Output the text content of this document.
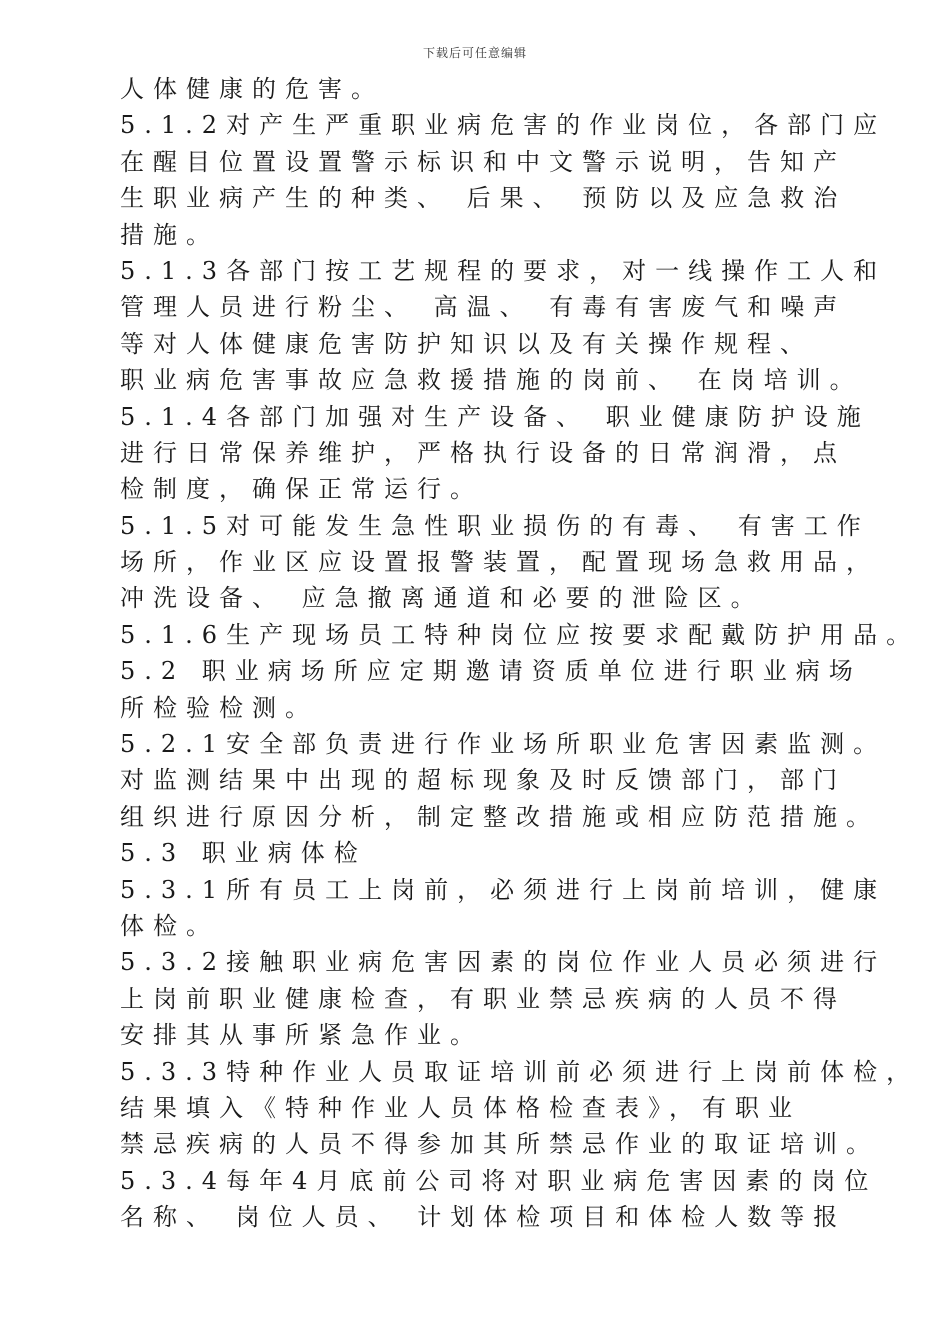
下载后可任意编辑
人体健康的危害。
5.1.2对产生严重职业病危害的作业岗位，各部门应
在醒目位置设置警示标识和中文警示说明，告知产
生职业病产生的种类、 后果、 预防以及应急救治
措施。
5.1.3各部门按工艺规程的要求，对一线操作工人和
管理人员进行粉尘、 高温、 有毒有害废气和噪声
等对人体健康危害防护知识以及有关操作规程、
职业病危害事故应急救援措施的岗前、 在岗培训。
5.1.4各部门加强对生产设备、 职业健康防护设施
进行日常保养维护，严格执行设备的日常润滑，点
检制度，确保正常运行。
5.1.5对可能发生急性职业损伤的有毒、 有害工作
场所，作业区应设置报警装置，配置现场急救用品，
冲洗设备、 应急撤离通道和必要的泄险区。
5.1.6生产现场员工特种岗位应按要求配戴防护用品。
5.2 职业病场所应定期邀请资质单位进行职业病场
所检验检测。
5.2.1安全部负责进行作业场所职业危害因素监测。
对监测结果中出现的超标现象及时反馈部门，部门
组织进行原因分析，制定整改措施或相应防范措施。
5.3 职业病体检
5.3.1所有员工上岗前，必须进行上岗前培训，健康
体检。
5.3.2接触职业病危害因素的岗位作业人员必须进行
上岗前职业健康检查，有职业禁忌疾病的人员不得
安排其从事所紧急作业。
5.3.3特种作业人员取证培训前必须进行上岗前体检，
结果填入《特种作业人员体格检查表》，有职业
禁忌疾病的人员不得参加其所禁忌作业的取证培训。
5.3.4每年4月底前公司将对职业病危害因素的岗位
名称、 岗位人员、 计划体检项目和体检人数等报
